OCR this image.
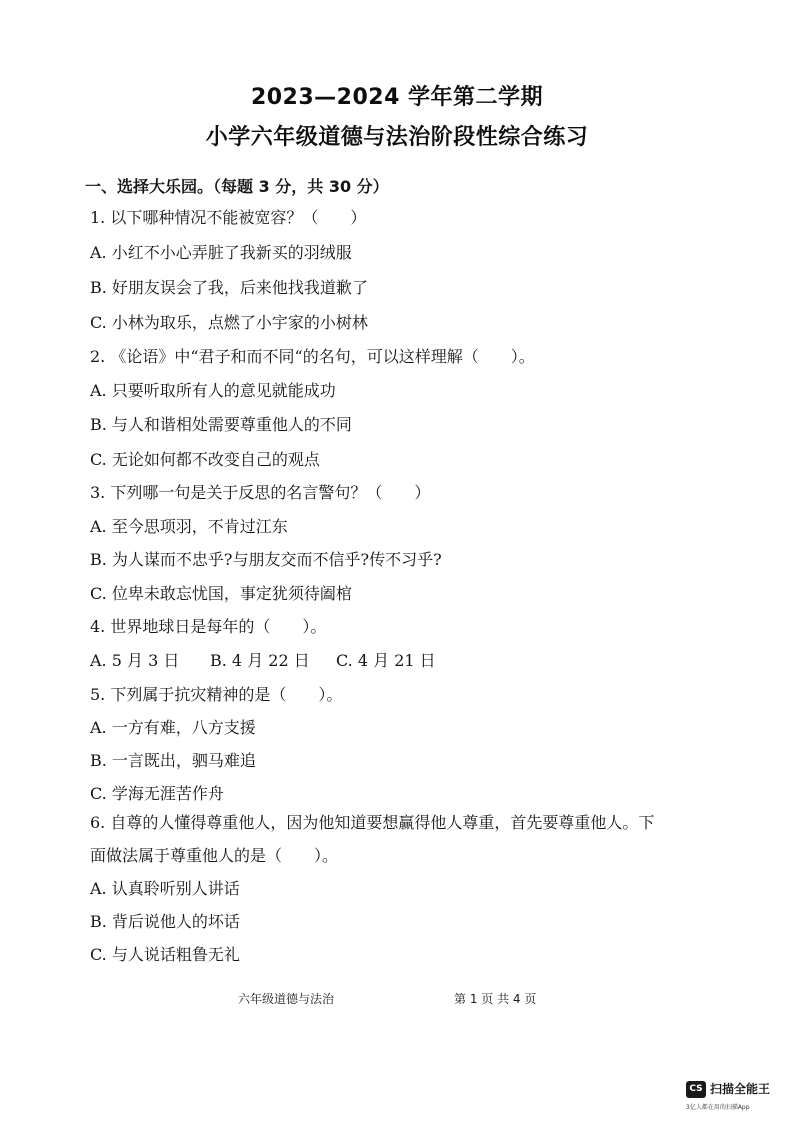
2023—2024 学年第二学期
小学六年级道德与法治阶段性综合练习
一、选择大乐园。（每题 3 分，共 30 分）
1. 以下哪种情况不能被宽容？（　　）
A. 小红不小心弄脏了我新买的羽绒服
B. 好朋友误会了我，后来他找我道歉了
C. 小林为取乐，点燃了小宇家的小树林
2. 《论语》中“君子和而不同“的名句，可以这样理解（　　）。
A. 只要听取所有人的意见就能成功
B. 与人和谐相处需要尊重他人的不同
C. 无论如何都不改变自己的观点
3. 下列哪一句是关于反思的名言警句？（　　）
A. 至今思项羽，不肯过江东
B. 为人谋而不忠乎?与朋友交而不信乎?传不习乎?
C. 位卑未敢忘忧国，事定犹须待阖棺
4. 世界地球日是每年的（　　）。
A. 5 月 3 日 B. 4 月 22 日 C. 4 月 21 日
5. 下列属于抗灾精神的是（　　）。
A. 一方有难，八方支援
B. 一言既出，驷马难追
C. 学海无涯苦作舟
6. 自尊的人懂得尊重他人，因为他知道要想赢得他人尊重，首先要尊重他人。下
面做法属于尊重他人的是（　　）。
A. 认真聆听别人讲话
B. 背后说他人的坏话
C. 与人说话粗鲁无礼
六年级道德与法治	第 1 页 共 4 页
CS 扫描全能王
3亿人都在用的扫描App
